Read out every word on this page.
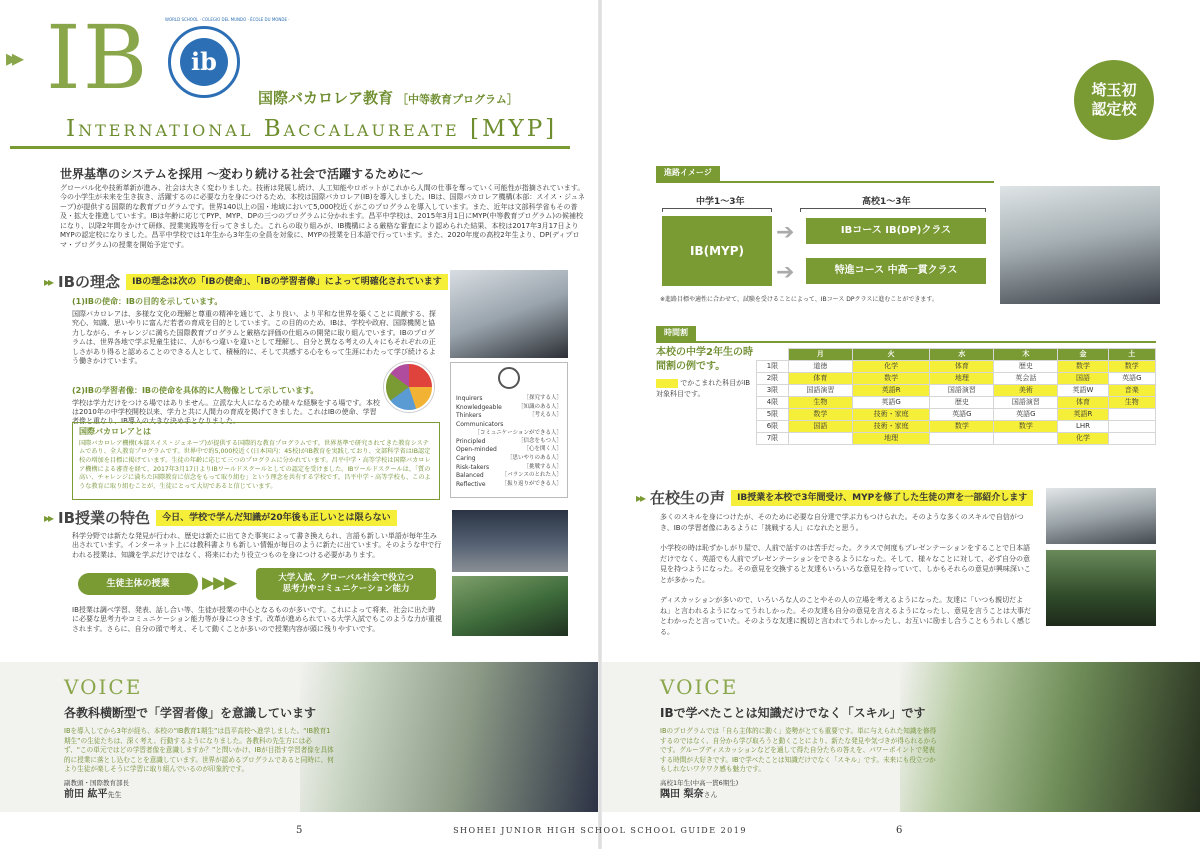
▸▸ IB	ib
WORLD SCHOOL · COLEGIO DEL MUNDO · ÉCOLE DU MONDE ·
国際バカロレア教育 ［中等教育プログラム］
International Baccalaureate [MYP]
世界基準のシステムを採用 ～変わり続ける社会で活躍するために～
グローバル化や技術革新が進み、社会は大きく変わりました。技術は発展し続け、人工知能やロボットがこれから人間の仕事を奪っていく可能性が指摘されています。今の小学生が未来を生き抜き、活躍するのに必要な力を身につけるため、本校は国際バカロレア(IB)を導入しました。IBは、国際バカロレア機構(本部：スイス・ジュネーブ)が提供する国際的な教育プログラムです。世界140以上の国・地域において5,000校近くがこのプログラムを導入しています。また、近年は文部科学省もその普及・拡大を推進しています。IBは年齢に応じてPYP、MYP、DPの三つのプログラムに分かれます。昌平中学校は、2015年3月1日にMYP(中等教育プログラム)の候補校になり、以降2年間をかけて研修、授業実践等を行ってきました。これらの取り組みが、IB機構による厳格な審査により認められた結果、本校は2017年3月17日よりMYPの認定校になりました。昌平中学校では1年生から3年生の全員を対象に、MYPの授業を日本語で行っています。また、2020年度の高校2年生より、DP(ディプロマ・プログラム)の授業を開始予定です。
▸▸ IBの理念	IBの理念は次の「IBの使命」、「IBの学習者像」によって明確化されています
(1)IBの使命：IBの目的を示しています。

国際バカロレアは、多様な文化の理解と尊重の精神を通じて、より良い、より平和な世界を築くことに貢献する、探究心、知識、思いやりに富んだ若者の育成を目的としています。この目的のため、IBは、学校や政府、国際機関と協力しながら、チャレンジに満ちた国際教育プログラムと厳格な評価の仕組みの開発に取り組んでいます。IBのプログラムは、世界各地で学ぶ児童生徒に、人がもつ違いを違いとして理解し、自分と異なる考えの人々にもそれぞれの正しさがあり得ると認めることのできる人として、積極的に、そして共感する心をもって生涯にわたって学び続けるよう働きかけています。

(2)IBの学習者像：IBの使命を具体的に人物像として示しています。

学校は学力だけをつける場ではありません。立派な大人になるため様々な経験をする場です。本校は2010年の中学校開校以来、学力と共に人間力の育成を掲げてきました。これはIBの使命、学習者像と重なり、IB導入の大きな決め手となりました。

国際バカロレアとは
国際バカロレア機構(本部スイス・ジュネーブ)が提供する国際的な教育プログラムです。世界基準で研究されてきた教育システムであり、全人教育プログラムです。世界中で約5,000校近く(日本国内：45校)がIB教育を実践しており、文部科学省はIB認定校の増加を目標に掲げています。生徒の年齢に応じて三つのプログラムに分かれています。昌平中学・高等学校は国際バカロレア機構による審査を経て、2017年3月17日よりIBワールドスクールとしての認定を受けました。IBワールドスクールは、「質の高い、チャレンジに満ちた国際教育に信念をもって取り組む」という理念を共有する学校です。昌平中学・高等学校も、このような教育に取り組むことが、生徒にとって大切であると信じています。
Inquirers	［探究する人］
Knowledgeable	［知識のある人］
Thinkers	［考える人］
Communicators
［コミュニケーションができる人］
Principled	［信念をもつ人］
Open-minded	［心を開く人］
Caring	［思いやりのある人］
Risk-takers	［挑戦する人］
Balanced	［バランスのとれた人］
Reflective	［振り返りができる人］
▸▸ IB授業の特色	今日、学校で学んだ知識が20年後も正しいとは限らない
科学分野では新たな発見が行われ、歴史は新たに出てきた事実によって書き換えられ、言語も新しい単語が毎年生み出されています。インターネット上には教科書よりも新しい情報が毎日のように新たに出ています。そのような中で行われる授業は、知識を学ぶだけではなく、将来にわたり役立つものを身につける必要があります。
生徒主体の授業	▶▶▶	大学入試、グローバル社会で役立つ
思考力やコミュニケーション能力
IB授業は調べ学習、発表、話し合い等、生徒が授業の中心となるものが多いです。これによって将来、社会に出た時に必要な思考力やコミュニケーション能力等が身につきます。改革が進められている大学入試でもこのような力が重視されます。さらに、自分の頭で考え、そして動くことが多いので授業内容が頭に残りやすいです。
埼玉初
認定校
進路イメージ
中学1～3年	高校1～3年
IB(MYP)
➔
➔
IBコース IB(DP)クラス
特進コース 中高一貫クラス
※進路目標や適性に合わせて、試験を受けることによって、IBコース DPクラスに進むことができます。
時間割
本校の中学2年生の時間割の例です。
でかこまれた科目がIB対象科目です。
	月	火	水	木	金	土
1限	道徳	化学	体育	歴史	数学	数学
2限	体育	数学	地理	英会話	国語	英語G
3限	国語演習	英語R	国語演習	美術	英語W	音楽
4限	生物	英語G	歴史	国語演習	体育	生物
5限	数学	技術・家庭	英語G	英語G	英語R	
6限	国語	技術・家庭	数学	数学	LHR	
7限		地理			化学	
▸▸ 在校生の声	IB授業を本校で3年間受け、MYPを修了した生徒の声を一部紹介します

多くのスキルを身につけたが、そのために必要な自分達で学ぶ力もつけられた。そのような多くのスキルで自信がつき、IBの学習者像にあるように「挑戦する人」になれたと思う。

小学校の時は恥ずかしがり屋で、人前で話すのは苦手だった。クラスで何度もプレゼンテーションをすることで日本語だけでなく、英語でも人前でプレゼンテーションをできるようになった。そして、様々なことに対して、必ず自分の意見を持つようになった。その意見を交換すると友達もいろいろな意見を持っていて、しかもそれらの意見が興味深いことが多かった。

ディスカッションが多いので、いろいろな人のことやその人の立場を考えるようになった。友達に「いつも親切だよね」と言われるようになってうれしかった。その友達も自分の意見を言えるようになったし、意見を言うことは大事だとわかったと言っていた。そのような友達に親切と言われてうれしかったし、お互いに励まし合うこともうれしく感じる。

VOICE
各教科横断型で「学習者像」を意識しています
IBを導入してから3年が経ち、本校の“IB教育1期生”は昌平高校へ進学しました。“IB教育1期生”の生徒たちは、深く考え、行動するようになりました。各教科の先生方には必ず、“この単元ではどの学習者像を意識しますか？”と問いかけ、IBが目指す学習者像を具体的に授業に落とし込むことを意識しています。世界が認めるプログラムであると同時に、何より生徒が楽しそうに学習に取り組んでいるのが印象的です。
副教頭・国際教育部長
前田 紘平先生
VOICE
IBで学べたことは知識だけでなく「スキル」です
IBのプログラムでは「自ら主体的に動く」姿勢がとても重要です。単に与えられた知識を修得するのではなく、自分から学び取ろうと動くことにより、新たな発見や気づきが得られるからです。グループディスカッションなどを通して得た自分たちの答えを、パワーポイントで発表する時間が大好きです。IBで学べたことは知識だけでなく「スキル」です。未来にも役立つかもしれないワクワク感も魅力です。
高校1年生(中高一貫6期生)
隅田 梨奈さん
5	SHOHEI JUNIOR HIGH SCHOOL SCHOOL GUIDE 2019	6
